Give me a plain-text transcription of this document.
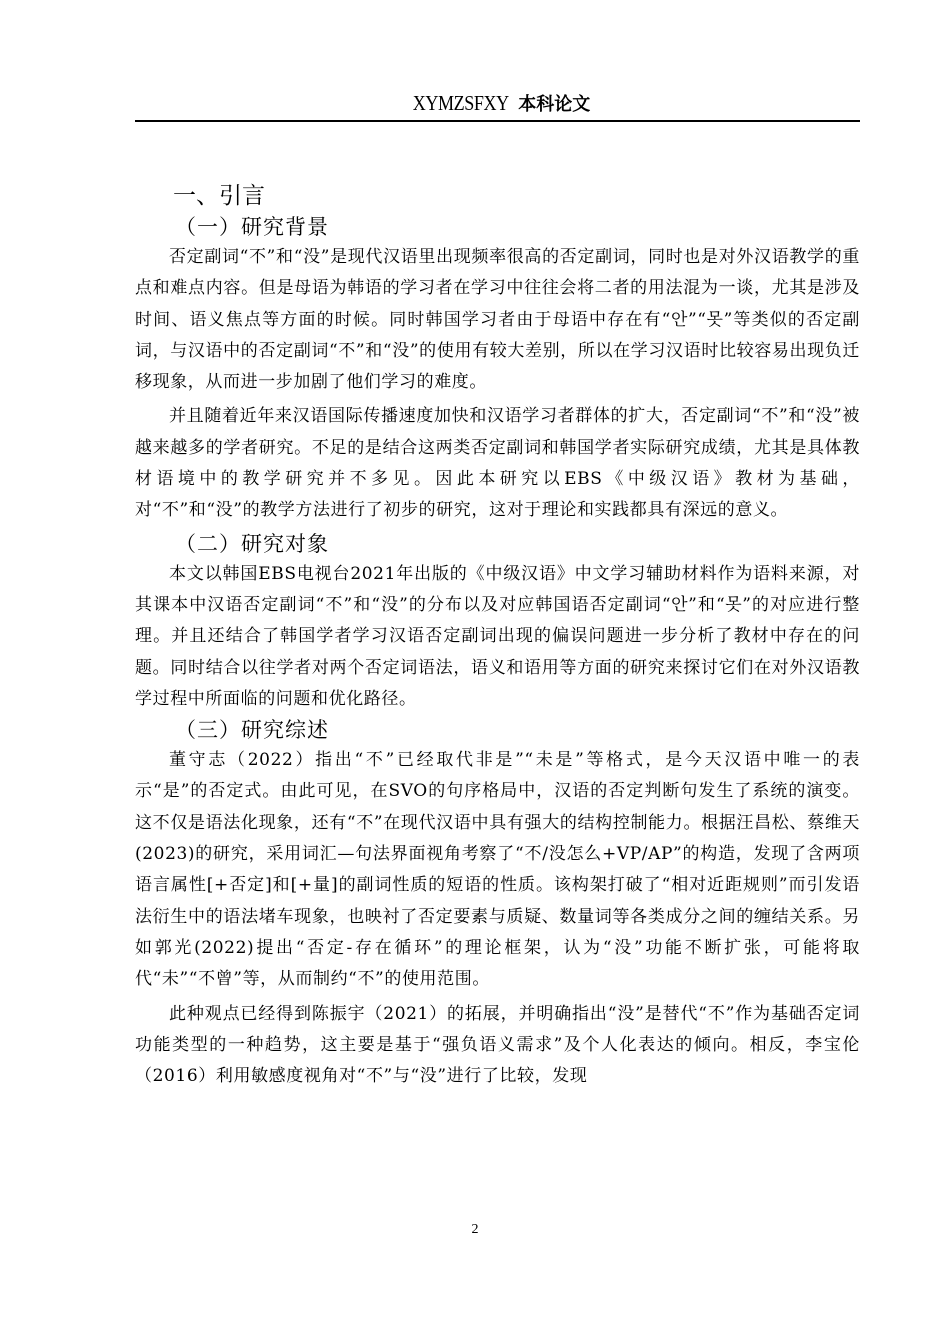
XYMZSFXY 本科论文
一、引言
（一）研究背景

否定副词“不”和“没”是现代汉语里出现频率很高的否定副词，同时也是对外汉语教学的重点和难点内容。但是母语为韩语的学习者在学习中往往会将二者的用法混为一谈，尤其是涉及时间、语义焦点等方面的时候。同时韩国学习者由于母语中存在有“안”“못”等类似的否定副词，与汉语中的否定副词“不”和“没”的使用有较大差别，所以在学习汉语时比较容易出现负迁移现象，从而进一步加剧了他们学习的难度。

并且随着近年来汉语国际传播速度加快和汉语学习者群体的扩大，否定副词“不”和“没”被越来越多的学者研究。不足的是结合这两类否定副词和韩国学者实际研究成绩，尤其是具体教材语境中的教学研究并不多见。因此本研究以EBS《中级汉语》教材为基础，对“不”和“没”的教学方法进行了初步的研究，这对于理论和实践都具有深远的意义。

（二）研究对象

本文以韩国EBS电视台2021年出版的《中级汉语》中文学习辅助材料作为语料来源，对其课本中汉语否定副词“不”和“没”的分布以及对应韩国语否定副词“안”和“못”的对应进行整理。并且还结合了韩国学者学习汉语否定副词出现的偏误问题进一步分析了教材中存在的问题。同时结合以往学者对两个否定词语法，语义和语用等方面的研究来探讨它们在对外汉语教学过程中所面临的问题和优化路径。

（三）研究综述

董守志（2022）指出“不”已经取代非是”“未是”等格式，是今天汉语中唯一的表示“是”的否定式。由此可见，在SVO的句序格局中，汉语的否定判断句发生了系统的演变。这不仅是语法化现象，还有“不”在现代汉语中具有强大的结构控制能力。根据汪昌松、蔡维天(2023)的研究，采用词汇—句法界面视角考察了“不/没怎么+VP/AP”的构造，发现了含两项语言属性[+否定]和[+量]的副词性质的短语的性质。该构架打破了“相对近距规则”而引发语法衍生中的语法堵车现象，也映衬了否定要素与质疑、数量词等各类成分之间的缠结关系。另如郭光(2022)提出“否定-存在循环”的理论框架，认为“没”功能不断扩张，可能将取代“未”“不曾”等，从而制约“不”的使用范围。

此种观点已经得到陈振宇（2021）的拓展，并明确指出“没”是替代“不”作为基础否定词功能类型的一种趋势，这主要是基于“强负语义需求”及个人化表达的倾向。相反，李宝伦（2016）利用敏感度视角对“不”与“没”进行了比较，发现

2
